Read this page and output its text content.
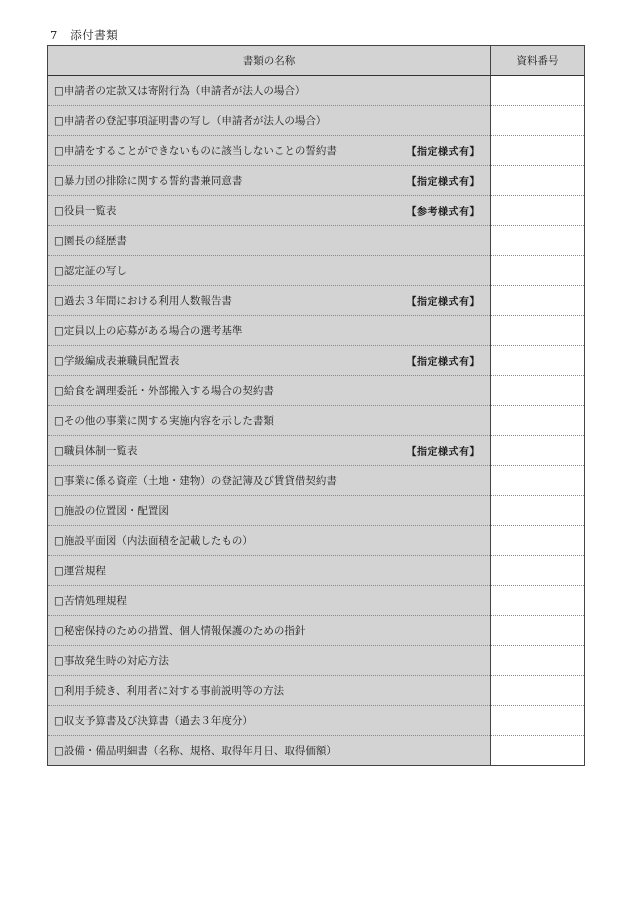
7 添付書類
書類の名称	資料番号

□申請者の定款又は寄附行為（申請者が法人の場合）	

□申請者の登記事項証明書の写し（申請者が法人の場合）	

□申請をすることができないものに該当しないことの誓約書 【指定様式有】	

□暴力団の排除に関する誓約書兼同意書 【指定様式有】	

□役員一覧表 【参考様式有】	

□園長の経歴書	

□認定証の写し	

□過去３年間における利用人数報告書 【指定様式有】	

□定員以上の応募がある場合の選考基準	

□学級編成表兼職員配置表 【指定様式有】	

□給食を調理委託・外部搬入する場合の契約書	

□その他の事業に関する実施内容を示した書類	

□職員体制一覧表 【指定様式有】	

□事業に係る資産（土地・建物）の登記簿及び賃貸借契約書	

□施設の位置図・配置図	

□施設平面図（内法面積を記載したもの）	

□運営規程	

□苦情処理規程	

□秘密保持のための措置、個人情報保護のための指針	

□事故発生時の対応方法	

□利用手続き、利用者に対する事前説明等の方法	

□収支予算書及び決算書（過去３年度分）	

□設備・備品明細書（名称、規格、取得年月日、取得価額）	
